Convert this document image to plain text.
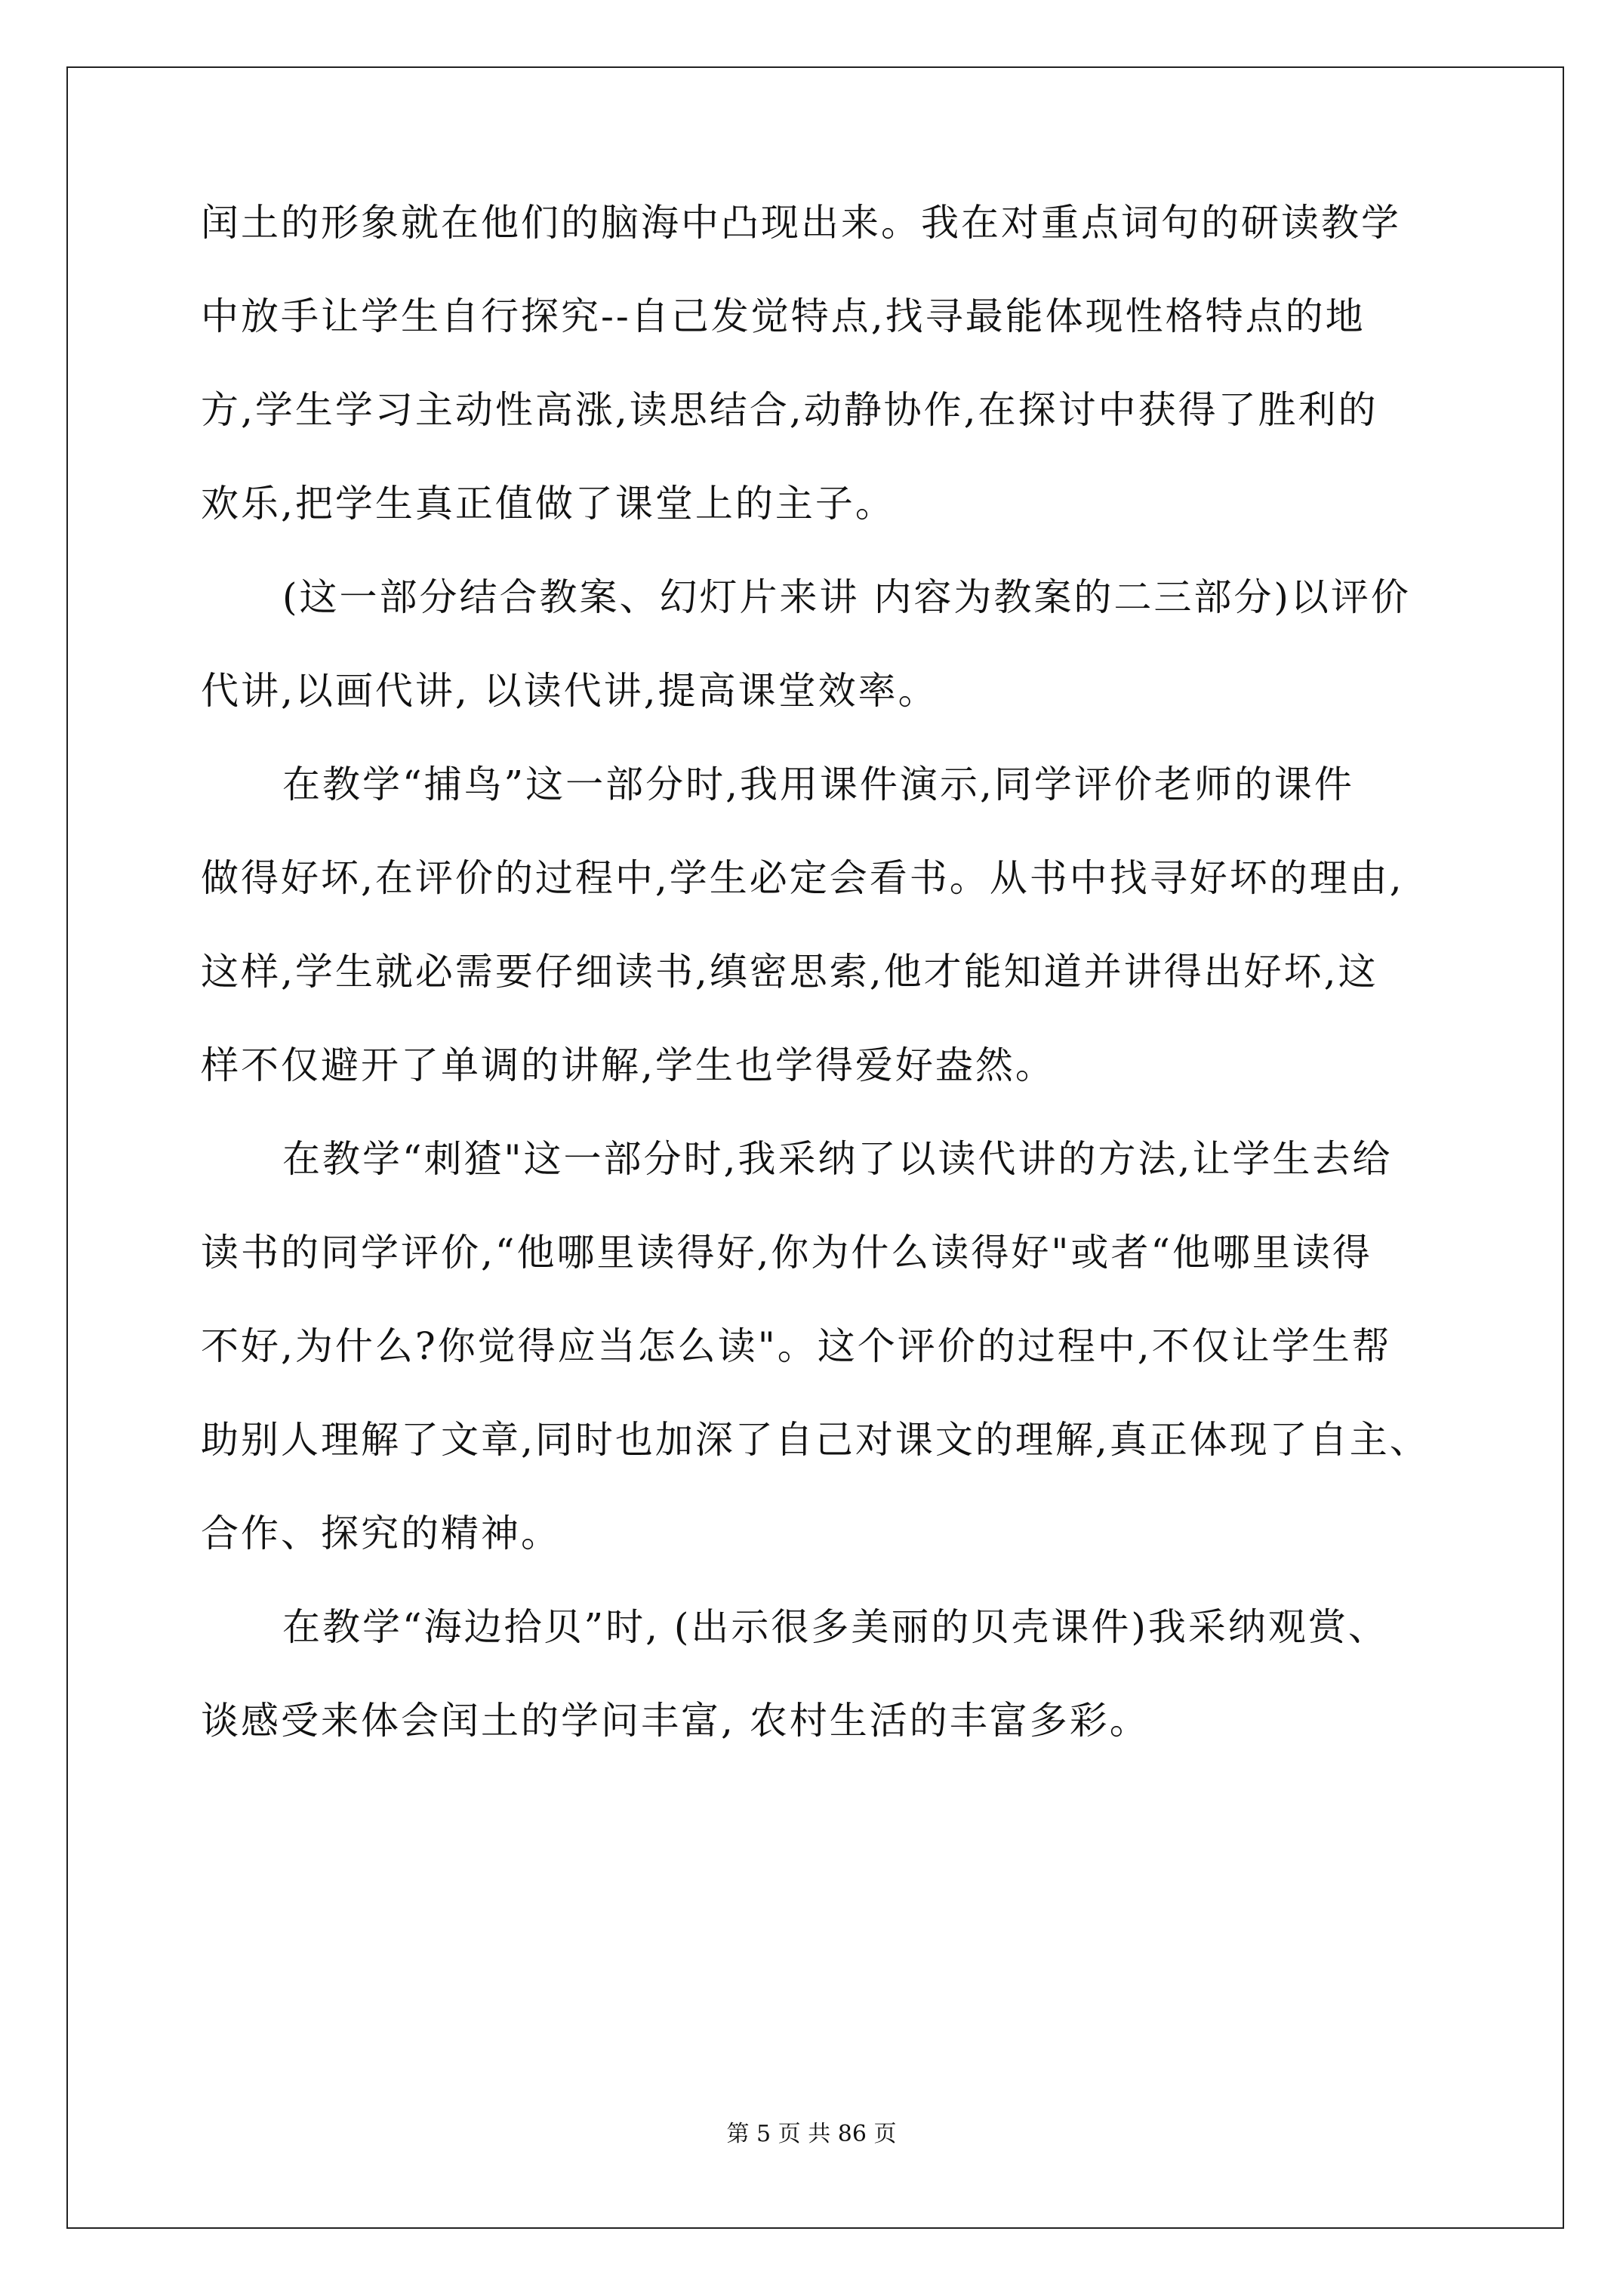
闰土的形象就在他们的脑海中凸现出来。我在对重点词句的研读教学
中放手让学生自行探究--自己发觉特点,找寻最能体现性格特点的地
方,学生学习主动性高涨,读思结合,动静协作,在探讨中获得了胜利的
欢乐,把学生真正值做了课堂上的主子。
(这一部分结合教案、幻灯片来讲 内容为教案的二三部分)以评价
代讲,以画代讲, 以读代讲,提高课堂效率。
在教学“捕鸟”这一部分时,我用课件演示,同学评价老师的课件
做得好坏,在评价的过程中,学生必定会看书。从书中找寻好坏的理由,
这样,学生就必需要仔细读书,缜密思索,他才能知道并讲得出好坏,这
样不仅避开了单调的讲解,学生也学得爱好盎然。
在教学“刺猹"这一部分时,我采纳了以读代讲的方法,让学生去给
读书的同学评价,“他哪里读得好,你为什么读得好"或者“他哪里读得
不好,为什么?你觉得应当怎么读"。这个评价的过程中,不仅让学生帮
助别人理解了文章,同时也加深了自己对课文的理解,真正体现了自主、
合作、探究的精神。
在教学“海边拾贝”时, (出示很多美丽的贝壳课件)我采纳观赏、
谈感受来体会闰土的学问丰富, 农村生活的丰富多彩。
第 5 页 共 86 页
